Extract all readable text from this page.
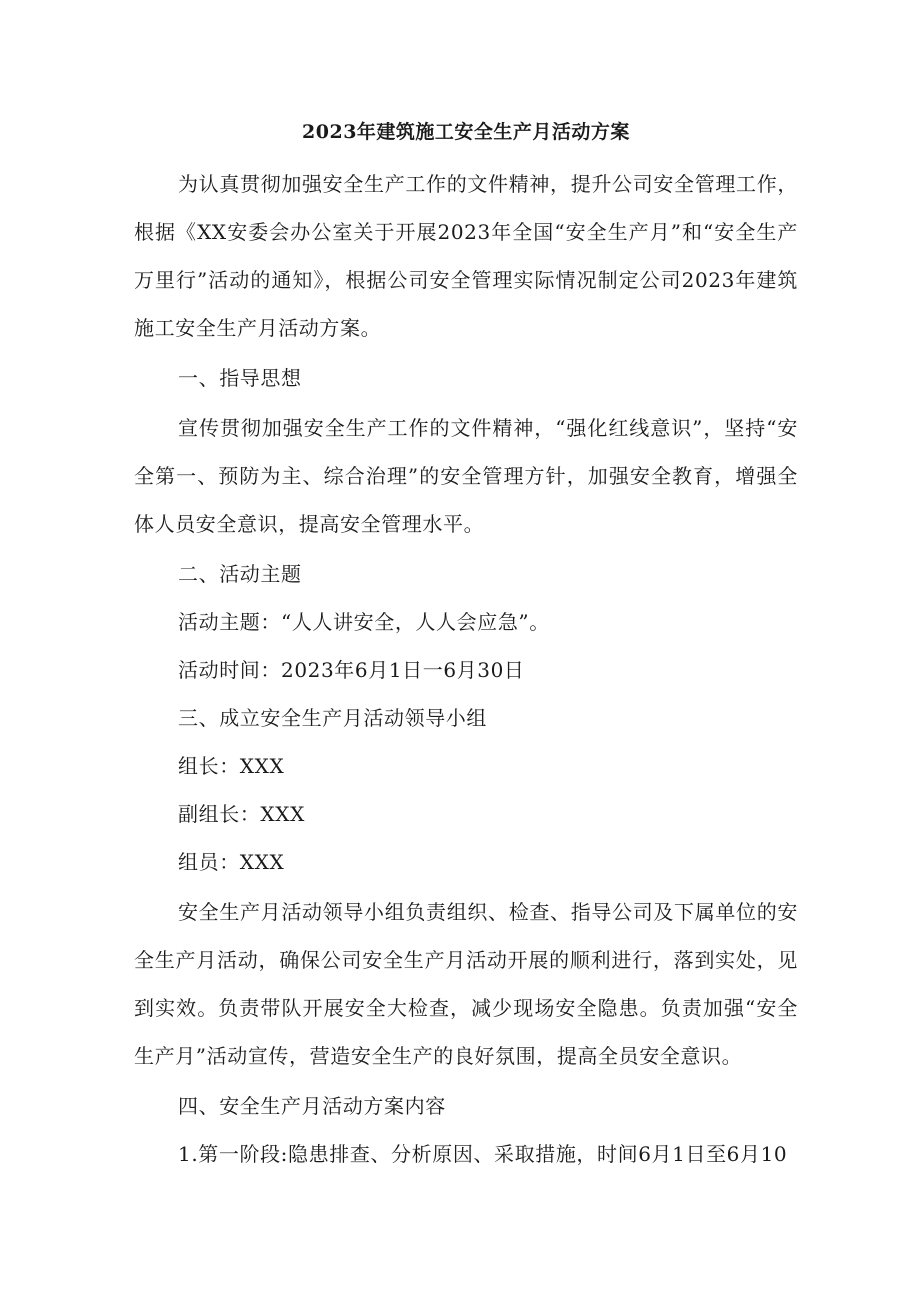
2023年建筑施工安全生产月活动方案

为认真贯彻加强安全生产工作的文件精神，提升公司安全管理工作，根据《XX安委会办公室关于开展2023年全国“安全生产月”和“安全生产万里行”活动的通知》，根据公司安全管理实际情况制定公司2023年建筑施工安全生产月活动方案。

一、指导思想

宣传贯彻加强安全生产工作的文件精神，“强化红线意识”，坚持“安全第一、预防为主、综合治理”的安全管理方针，加强安全教育，增强全体人员安全意识，提高安全管理水平。

二、活动主题

活动主题：“人人讲安全，人人会应急”。

活动时间：2023年6月1日一6月30日

三、成立安全生产月活动领导小组

组长：XXX

副组长：XXX

组员：XXX

安全生产月活动领导小组负责组织、检查、指导公司及下属单位的安全生产月活动，确保公司安全生产月活动开展的顺利进行，落到实处，见到实效。负责带队开展安全大检查，减少现场安全隐患。负责加强“安全生产月”活动宣传，营造安全生产的良好氛围，提高全员安全意识。

四、安全生产月活动方案内容

1.第一阶段:隐患排查、分析原因、采取措施，时间6月1日至6月10
